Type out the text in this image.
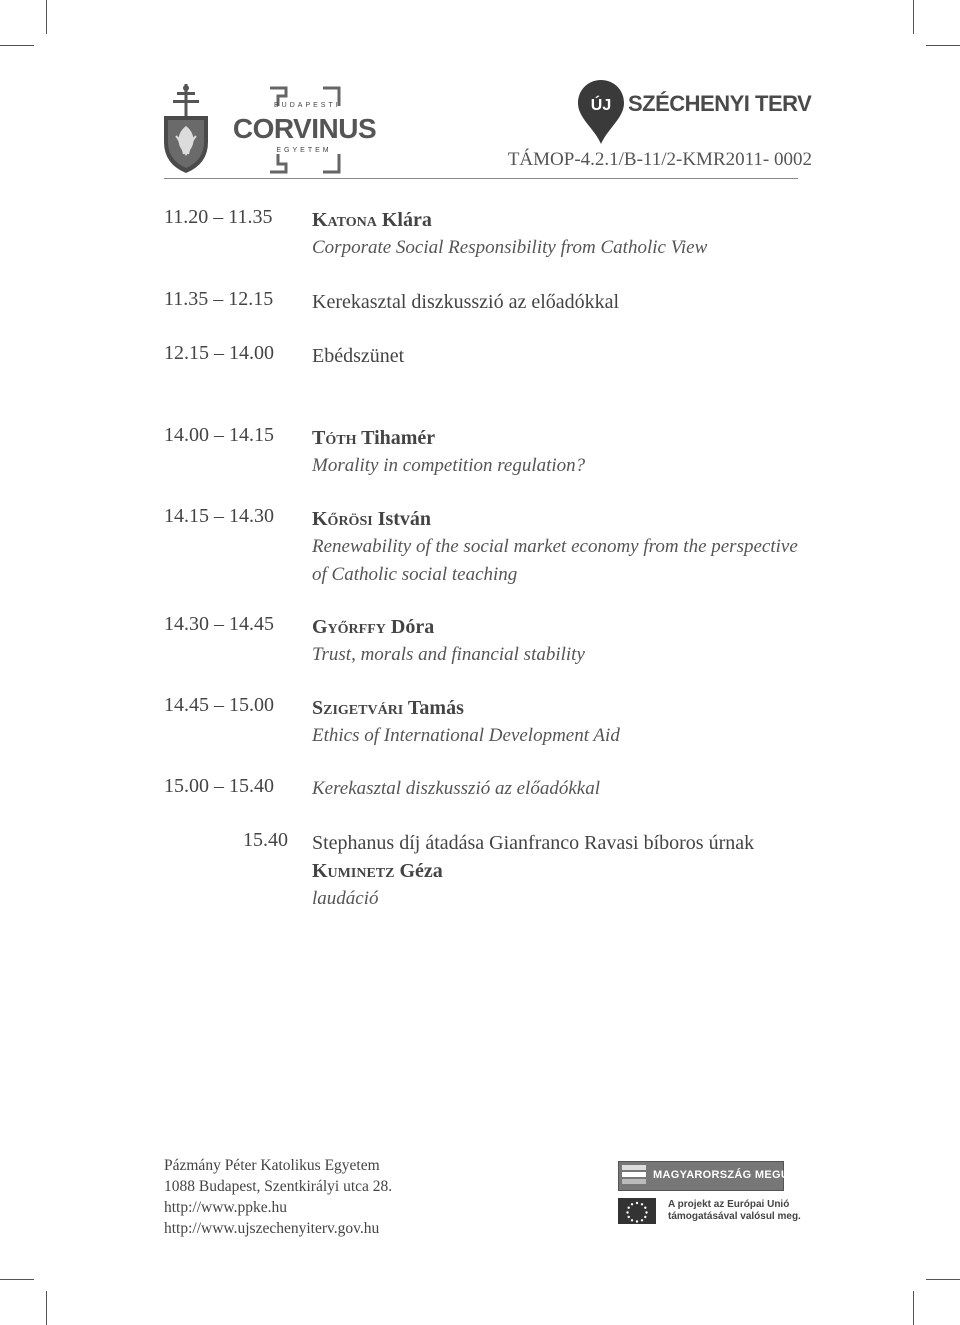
BUDAPESTI
CORVINUS
EGYETEM
ÚJ SZÉCHENYI TERV
TÁMOP-4.2.1/B-11/2-KMR2011- 0002
11.20 – 11.35	Katona Klára
Corporate Social Responsibility from Catholic View
11.35 – 12.15	Kerekasztal diszkusszió az előadókkal
12.15 – 14.00	Ebédszünet
14.00 – 14.15	Tóth Tihamér
Morality in competition regulation?
14.15 – 14.30	Kőrösi István
Renewability of the social market economy from the perspective of Catholic social teaching
14.30 – 14.45	Győrffy Dóra
Trust, morals and financial stability
14.45 – 15.00	Szigetvári Tamás
Ethics of International Development Aid
15.00 – 15.40	Kerekasztal diszkusszió az előadókkal
15.40 Stephanus díj átadása Gianfranco Ravasi bíboros úrnak
Kuminetz Géza
laudáció
Pázmány Péter Katolikus Egyetem
1088 Budapest, Szentkirályi utca 28.
http://www.ppke.hu
http://www.ujszechenyiterv.gov.hu
MAGYARORSZÁG MEGÚJUL
A projekt az Európai Unió
támogatásával valósul meg.
